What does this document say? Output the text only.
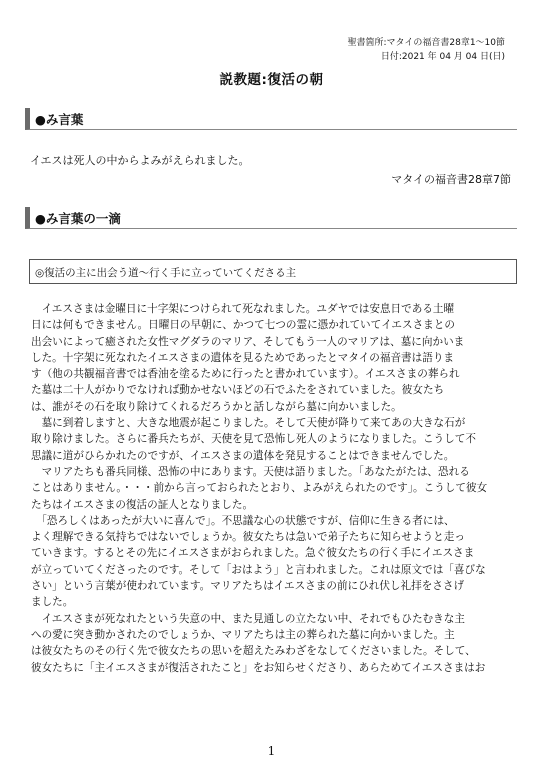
聖書箇所:マタイの福音書28章1～10節
日付:2021 年 04 月 04 日(日)
説教題:復活の朝
●み言葉
イエスは死人の中からよみがえられました。
マタイの福音書28章7節
●み言葉の一滴
◎復活の主に出会う道～行く手に立っていてくださる主
　イエスさまは金曜日に十字架につけられて死なれました。ユダヤでは安息日である土曜
日には何もできません。日曜日の早朝に、かつて七つの霊に憑かれていてイエスさまとの
出会いによって癒された女性マグダラのマリア、そしてもう一人のマリアは、墓に向かいま
した。十字架に死なれたイエスさまの遺体を見るためであったとマタイの福音書は語りま
す（他の共観福音書では香油を塗るために行ったと書かれています）。イエスさまの葬られ
た墓は二十人がかりでなければ動かせないほどの石でふたをされていました。彼女たち
は、誰がその石を取り除けてくれるだろうかと話しながら墓に向かいました。
　墓に到着しますと、大きな地震が起こりました。そして天使が降りて来てあの大きな石が
取り除けました。さらに番兵たちが、天使を見て恐怖し死人のようになりました。こうして不
思議に道がひらかれたのですが、イエスさまの遺体を発見することはできませんでした。
　マリアたちも番兵同様、恐怖の中にあります。天使は語りました。「あなたがたは、恐れる
ことはありません。・・・前から言っておられたとおり、よみがえられたのです」。こうして彼女
たちはイエスさまの復活の証人となりました。
　「恐ろしくはあったが大いに喜んで」。不思議な心の状態ですが、信仰に生きる者には、
よく理解できる気持ちではないでしょうか。彼女たちは急いで弟子たちに知らせようと走っ
ていきます。するとその先にイエスさまがおられました。急ぐ彼女たちの行く手にイエスさま
が立っていてくださったのです。そして「おはよう」と言われました。これは原文では「喜びな
さい」という言葉が使われています。マリアたちはイエスさまの前にひれ伏し礼拝をささげ
ました。
　イエスさまが死なれたという失意の中、また見通しの立たない中、それでもひたむきな主
への愛に突き動かされたのでしょうか、マリアたちは主の葬られた墓に向かいました。主
は彼女たちのその行く先で彼女たちの思いを超えたみわざをなしてくださいました。そして、
彼女たちに「主イエスさまが復活されたこと」をお知らせくださり、あらためてイエスさまはお
1
